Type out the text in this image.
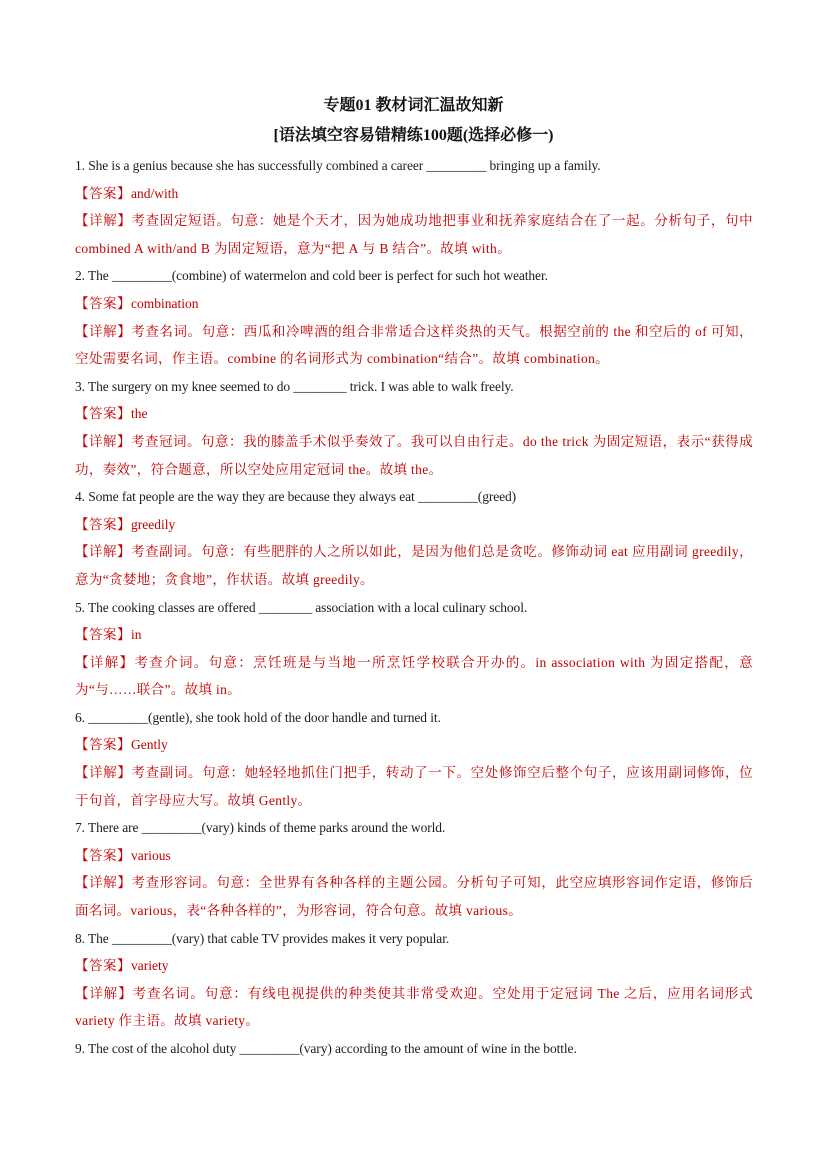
专题01 教材词汇温故知新
[语法填空容易错精练100题(选择必修一)
1. She is a genius because she has successfully combined a career _________ bringing up a family.
【答案】and/with
【详解】考查固定短语。句意：她是个天才，因为她成功地把事业和抚养家庭结合在了一起。分析句子，句中 combined A with/and B 为固定短语，意为“把 A 与 B 结合”。故填 with。
2. The _________(combine) of watermelon and cold beer is perfect for such hot weather.
【答案】combination
【详解】考查名词。句意：西瓜和冷啤酒的组合非常适合这样炎热的天气。根据空前的 the 和空后的 of 可知，空处需要名词，作主语。combine 的名词形式为 combination“结合”。故填 combination。
3. The surgery on my knee seemed to do ________ trick. I was able to walk freely.
【答案】the
【详解】考查冠词。句意：我的膝盖手术似乎奏效了。我可以自由行走。do the trick 为固定短语，表示“获得成功，奏效”，符合题意，所以空处应用定冠词 the。故填 the。
4. Some fat people are the way they are because they always eat _________(greed)
【答案】greedily
【详解】考查副词。句意：有些肥胖的人之所以如此，是因为他们总是贪吃。修饰动词 eat 应用副词 greedily，意为“贪婪地；贪食地”，作状语。故填 greedily。
5. The cooking classes are offered ________ association with a local culinary school.
【答案】in
【详解】考查介词。句意：烹饪班是与当地一所烹饪学校联合开办的。in association with 为固定搭配，意为“与……联合”。故填 in。
6. _________(gentle), she took hold of the door handle and turned it.
【答案】Gently
【详解】考查副词。句意：她轻轻地抓住门把手，转动了一下。空处修饰空后整个句子，应该用副词修饰，位于句首，首字母应大写。故填 Gently。
7. There are _________(vary) kinds of theme parks around the world.
【答案】various
【详解】考查形容词。句意：全世界有各种各样的主题公园。分析句子可知，此空应填形容词作定语，修饰后面名词。various，表“各种各样的”，为形容词，符合句意。故填 various。
8. The _________(vary) that cable TV provides makes it very popular.
【答案】variety
【详解】考查名词。句意：有线电视提供的种类使其非常受欢迎。空处用于定冠词 The 之后，应用名词形式 variety 作主语。故填 variety。
9. The cost of the alcohol duty _________(vary) according to the amount of wine in the bottle.
